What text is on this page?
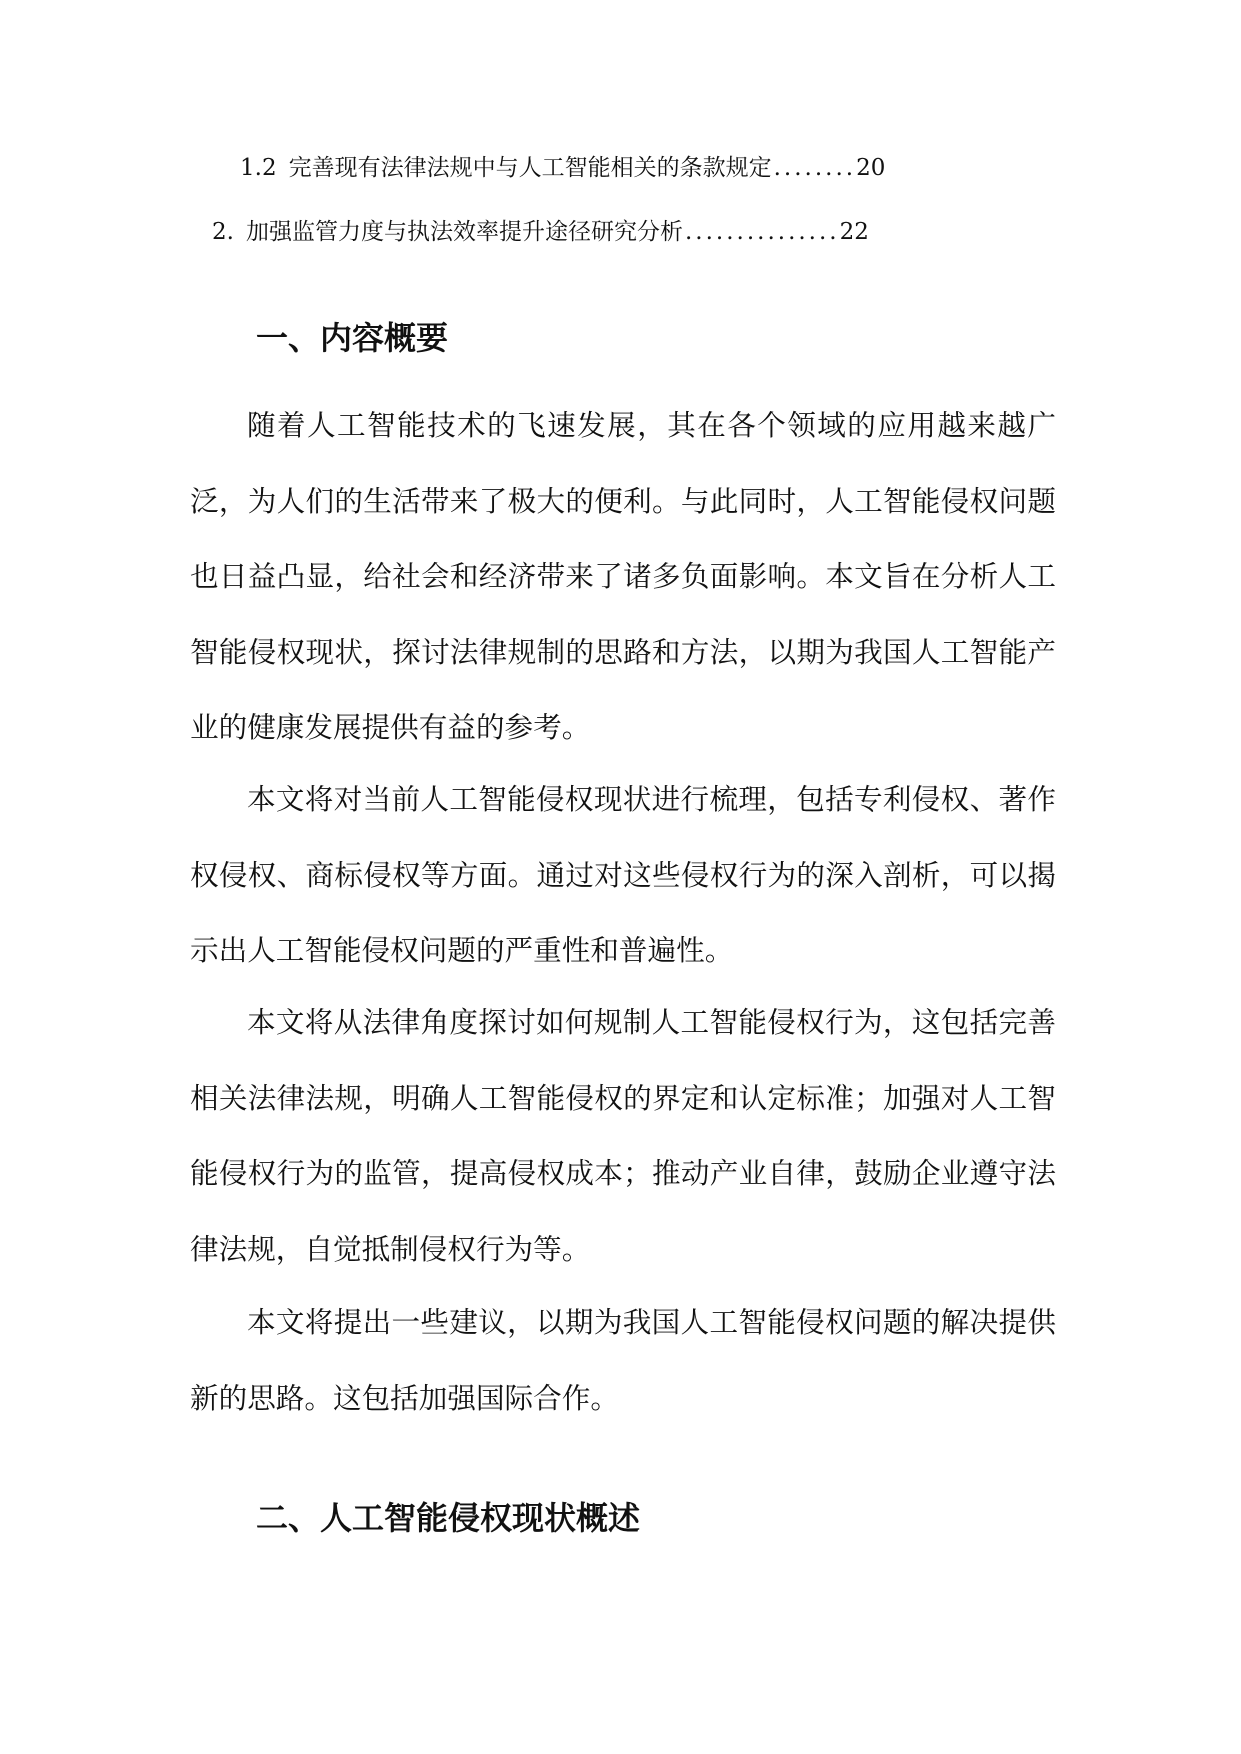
1.2 完善现有法律法规中与人工智能相关的条款规定 ........ 20
2. 加强监管力度与执法效率提升途径研究分析 ............... 22
一、内容概要

随着人工智能技术的飞速发展，其在各个领域的应用越来越广泛，为人们的生活带来了极大的便利。与此同时，人工智能侵权问题也日益凸显，给社会和经济带来了诸多负面影响。本文旨在分析人工智能侵权现状，探讨法律规制的思路和方法，以期为我国人工智能产业的健康发展提供有益的参考。

本文将对当前人工智能侵权现状进行梳理，包括专利侵权、著作权侵权、商标侵权等方面。通过对这些侵权行为的深入剖析，可以揭示出人工智能侵权问题的严重性和普遍性。

本文将从法律角度探讨如何规制人工智能侵权行为，这包括完善相关法律法规，明确人工智能侵权的界定和认定标准；加强对人工智能侵权行为的监管，提高侵权成本；推动产业自律，鼓励企业遵守法律法规，自觉抵制侵权行为等。

本文将提出一些建议，以期为我国人工智能侵权问题的解决提供新的思路。这包括加强国际合作。

二、人工智能侵权现状概述
